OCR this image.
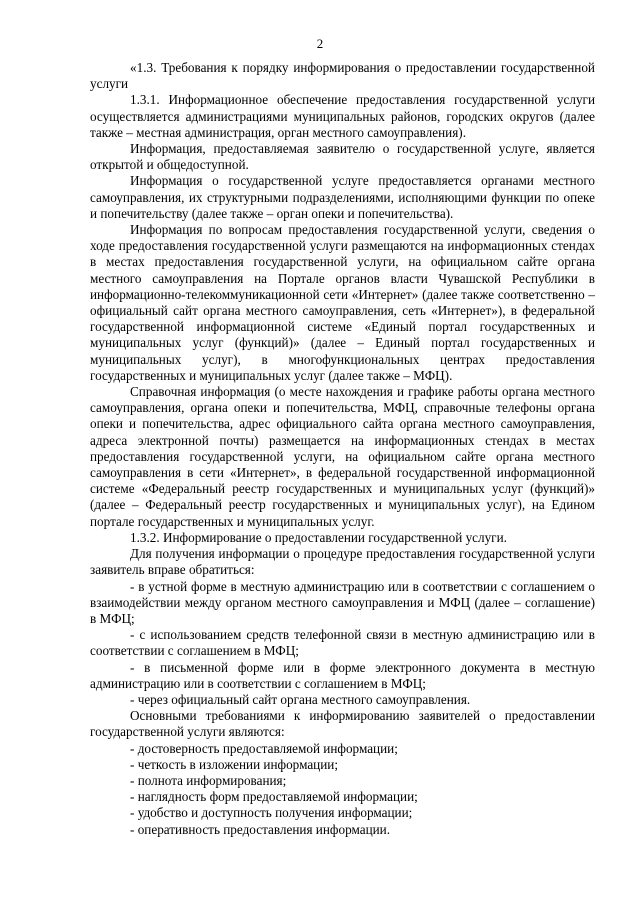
2

«1.3. Требования к порядку информирования о предоставлении государственной услуги

1.3.1. Информационное обеспечение предоставления государственной услуги осуществляется администрациями муниципальных районов, городских округов (далее также – местная администрация, орган местного самоуправления).

Информация, предоставляемая заявителю о государственной услуге, является открытой и общедоступной.

Информация о государственной услуге предоставляется органами местного самоуправления, их структурными подразделениями, исполняющими функции по опеке и попечительству (далее также – орган опеки и попечительства).

Информация по вопросам предоставления государственной услуги, сведения о ходе предоставления государственной услуги размещаются на информационных стендах в местах предоставления государственной услуги, на официальном сайте органа местного самоуправления на Портале органов власти Чувашской Республики в информационно-телекоммуникационной сети «Интернет» (далее также соответственно – официальный сайт органа местного самоуправления, сеть «Интернет»), в федеральной государственной информационной системе «Единый портал государственных и муниципальных услуг (функций)» (далее – Единый портал государственных и муниципальных услуг), в многофункциональных центрах предоставления государственных и муниципальных услуг (далее также – МФЦ).

Справочная информация (о месте нахождения и графике работы органа местного самоуправления, органа опеки и попечительства, МФЦ, справочные телефоны органа опеки и попечительства, адрес официального сайта органа местного самоуправления, адреса электронной почты) размещается на информационных стендах в местах предоставления государственной услуги, на официальном сайте органа местного самоуправления в сети «Интернет», в федеральной государственной информационной системе «Федеральный реестр государственных и муниципальных услуг (функций)» (далее – Федеральный реестр государственных и муниципальных услуг), на Едином портале государственных и муниципальных услуг.

1.3.2. Информирование о предоставлении государственной услуги.

Для получения информации о процедуре предоставления государственной услуги заявитель вправе обратиться:

- в устной форме в местную администрацию или в соответствии с соглашением о взаимодействии между органом местного самоуправления и МФЦ (далее – соглашение) в МФЦ;

- с использованием средств телефонной связи в местную администрацию или в соответствии с соглашением в МФЦ;

- в письменной форме или в форме электронного документа в местную администрацию или в соответствии с соглашением в МФЦ;

- через официальный сайт органа местного самоуправления.

Основными требованиями к информированию заявителей о предоставлении государственной услуги являются:

- достоверность предоставляемой информации;

- четкость в изложении информации;

- полнота информирования;

- наглядность форм предоставляемой информации;

- удобство и доступность получения информации;

- оперативность предоставления информации.
